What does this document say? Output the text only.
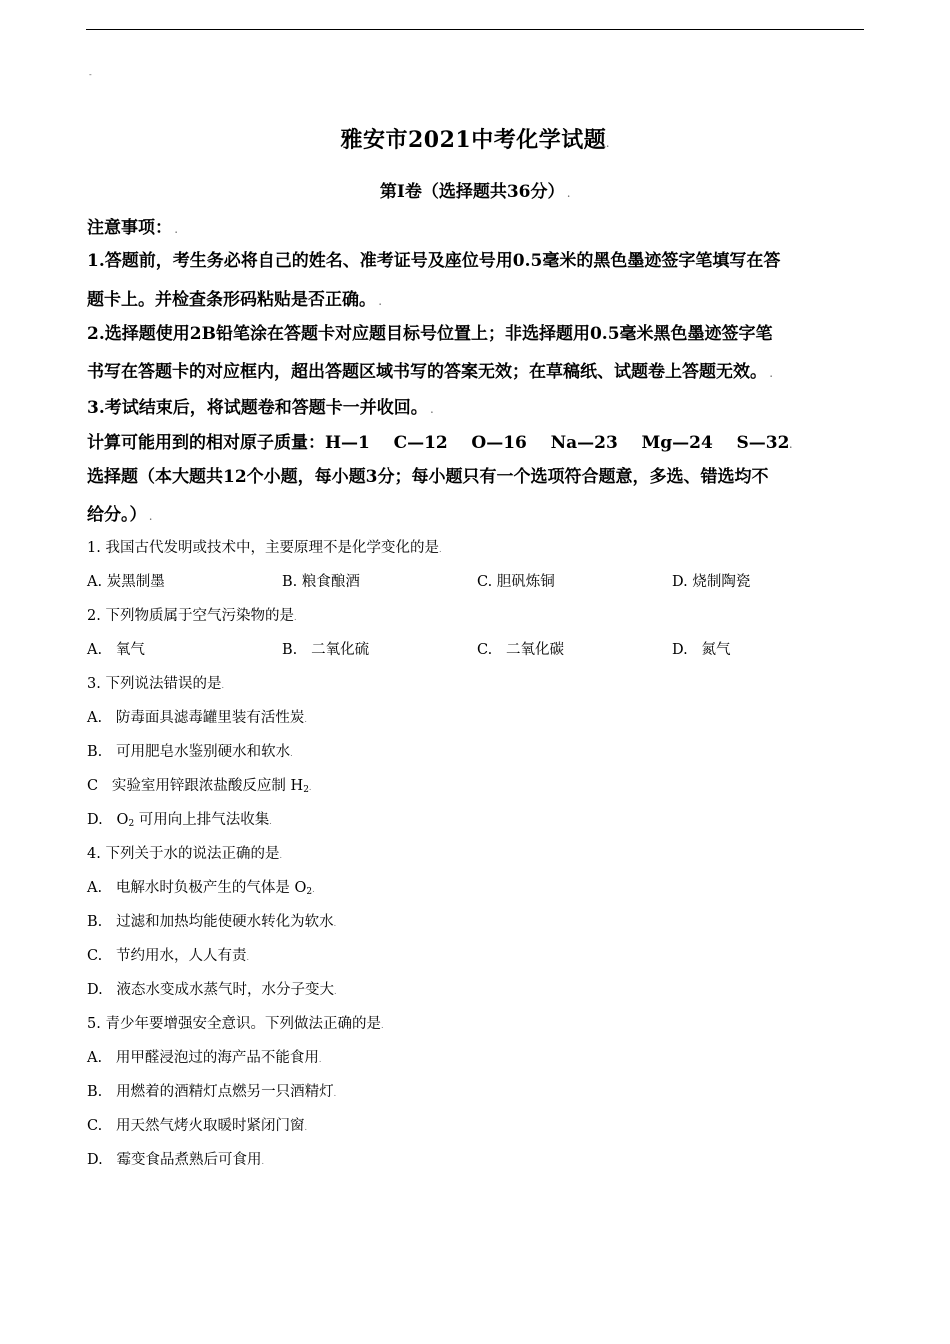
-
雅安市2021中考化学试题.
第Ⅰ卷（选择题共36分） .
注意事项： .
1.答题前，考生务必将自己的姓名、准考证号及座位号用0.5毫米的黑色墨迹签字笔填写在答
题卡上。并检查条形码粘贴是否正确。 .
2.选择题使用2B铅笔涂在答题卡对应题目标号位置上；非选择题用0.5毫米黑色墨迹签字笔
书写在答题卡的对应框内，超出答题区域书写的答案无效；在草稿纸、试题卷上答题无效。 .
3.考试结束后，将试题卷和答题卡一并收回。 .
计算可能用到的相对原子质量：H—1    C—12    O—16    Na—23    Mg—24    S—32.
选择题（本大题共12个小题，每小题3分；每小题只有一个选项符合题意，多选、错选均不
给分。） .
1. 我国古代发明或技术中，主要原理不是化学变化的是.
A. 炭黑制墨	B. 粮食酿酒	C. 胆矾炼铜	D. 烧制陶瓷
2. 下列物质属于空气污染物的是.
A.   氧气	B.   二氧化硫	C.   二氧化碳	D.   氮气
3. 下列说法错误的是.
A.   防毒面具滤毒罐里装有活性炭.
B.   可用肥皂水鉴别硬水和软水.
C   实验室用锌跟浓盐酸反应制 $H_2$.
D.   $O_2$ 可用向上排气法收集.
4. 下列关于水的说法正确的是.
A.   电解水时负极产生的气体是 $O_2$.
B.   过滤和加热均能使硬水转化为软水.
C.   节约用水，人人有责.
D.   液态水变成水蒸气时，水分子变大.
5. 青少年要增强安全意识。下列做法正确的是.
A.   用甲醛浸泡过的海产品不能食用.
B.   用燃着的酒精灯点燃另一只酒精灯.
C.   用天然气烤火取暖时紧闭门窗.
D.   霉变食品煮熟后可食用.
